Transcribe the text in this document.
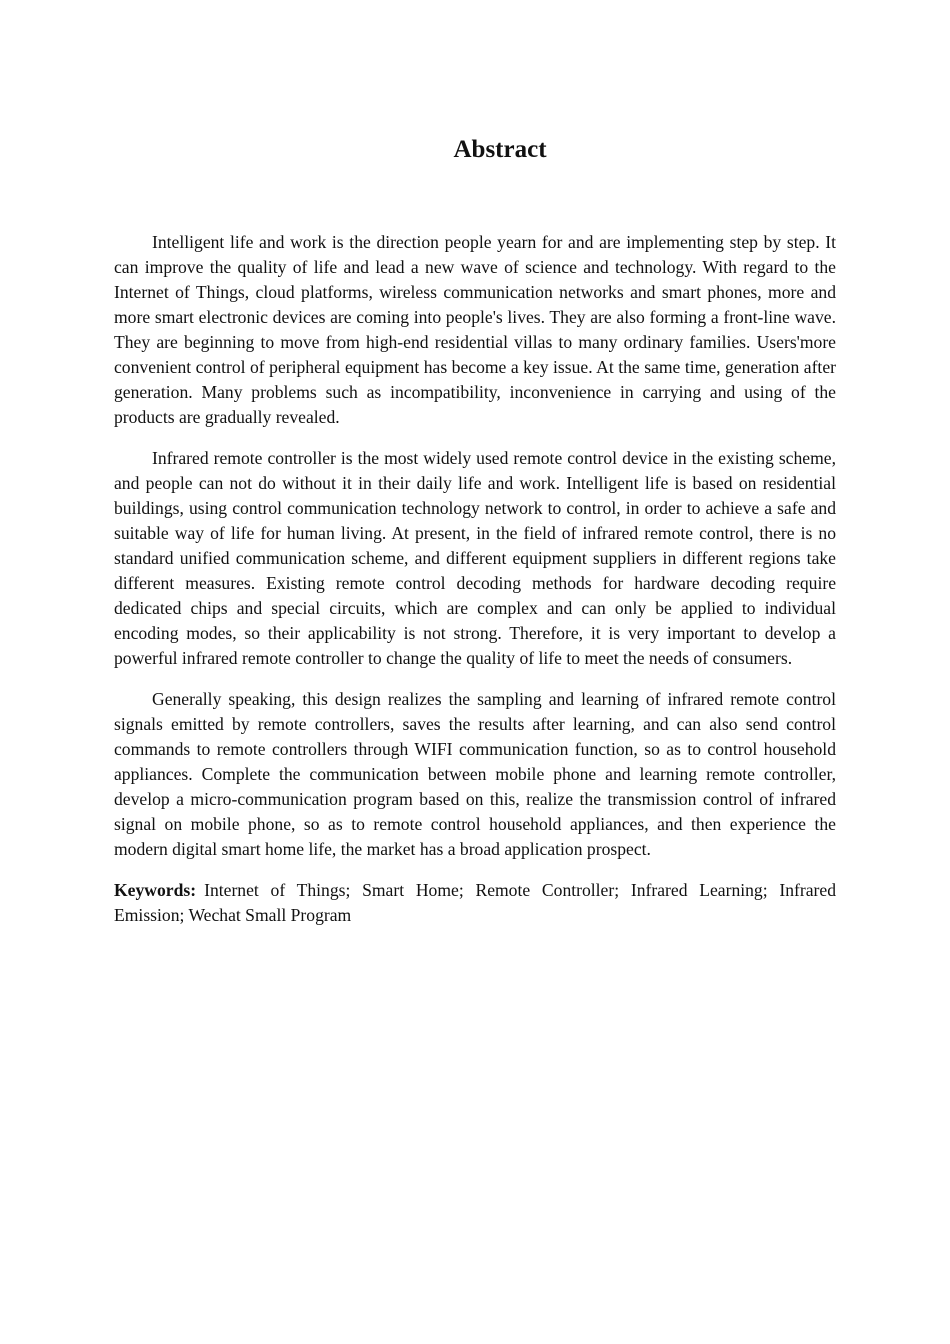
Abstract

Intelligent life and work is the direction people yearn for and are implementing step by step. It can improve the quality of life and lead a new wave of science and technology. With regard to the Internet of Things, cloud platforms, wireless communication networks and smart phones, more and more smart electronic devices are coming into people's lives. They are also forming a front-line wave. They are beginning to move from high-end residential villas to many ordinary families. Users'more convenient control of peripheral equipment has become a key issue. At the same time, generation after generation. Many problems such as incompatibility, inconvenience in carrying and using of the products are gradually revealed.

Infrared remote controller is the most widely used remote control device in the existing scheme, and people can not do without it in their daily life and work. Intelligent life is based on residential buildings, using control communication technology network to control, in order to achieve a safe and suitable way of life for human living. At present, in the field of infrared remote control, there is no standard unified communication scheme, and different equipment suppliers in different regions take different measures. Existing remote control decoding methods for hardware decoding require dedicated chips and special circuits, which are complex and can only be applied to individual encoding modes, so their applicability is not strong. Therefore, it is very important to develop a powerful infrared remote controller to change the quality of life to meet the needs of consumers.

Generally speaking, this design realizes the sampling and learning of infrared remote control signals emitted by remote controllers, saves the results after learning, and can also send control commands to remote controllers through WIFI communication function, so as to control household appliances. Complete the communication between mobile phone and learning remote controller, develop a micro-communication program based on this, realize the transmission control of infrared signal on mobile phone, so as to remote control household appliances, and then experience the modern digital smart home life, the market has a broad application prospect.

Keywords: Internet of Things; Smart Home; Remote Controller; Infrared Learning; Infrared Emission; Wechat Small Program
